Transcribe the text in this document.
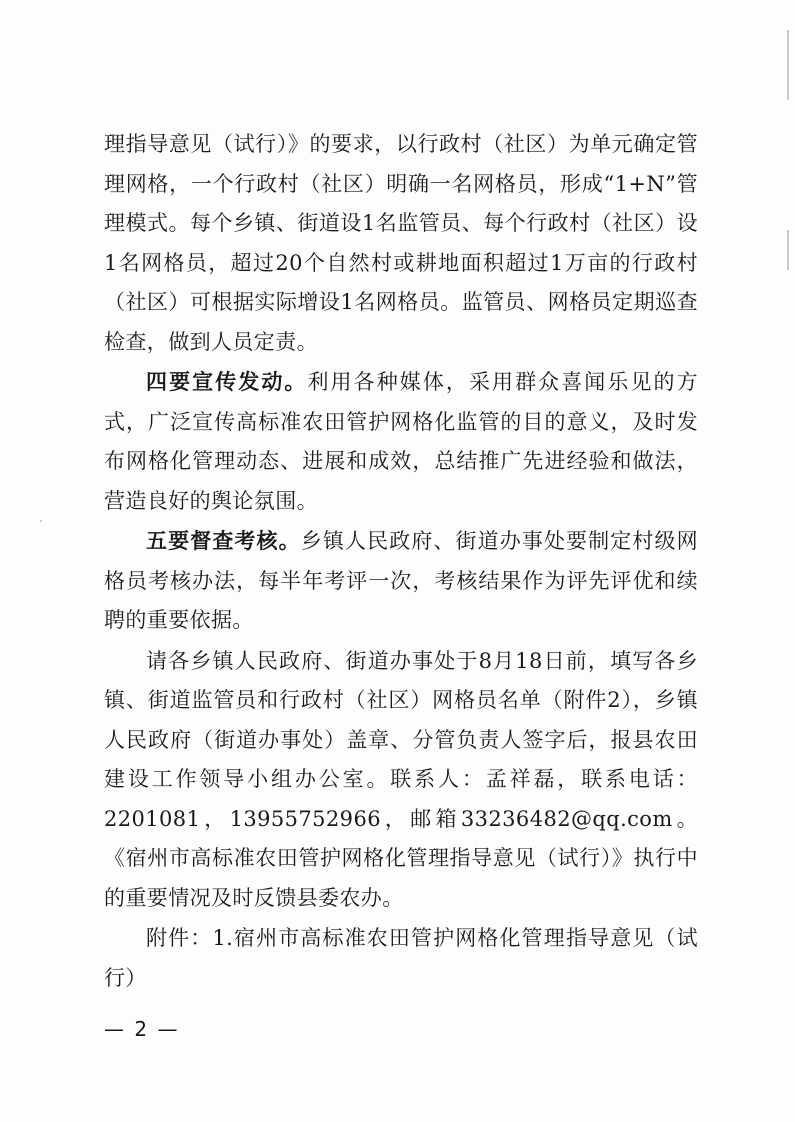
理指导意见（试行）》的要求，以行政村（社区）为单元确定管理网格，一个行政村（社区）明确一名网格员，形成“1+N”管理模式。每个乡镇、街道设1名监管员、每个行政村（社区）设1名网格员，超过20个自然村或耕地面积超过1万亩的行政村（社区）可根据实际增设1名网格员。监管员、网格员定期巡查检查，做到人员定责。

四要宣传发动。利用各种媒体，采用群众喜闻乐见的方式，广泛宣传高标准农田管护网格化监管的目的意义，及时发布网格化管理动态、进展和成效，总结推广先进经验和做法，营造良好的舆论氛围。

五要督查考核。乡镇人民政府、街道办事处要制定村级网格员考核办法，每半年考评一次，考核结果作为评先评优和续聘的重要依据。

请各乡镇人民政府、街道办事处于8月18日前，填写各乡镇、街道监管员和行政村（社区）网格员名单（附件2），乡镇人民政府（街道办事处）盖章、分管负责人签字后，报县农田建设工作领导小组办公室。联系人：孟祥磊，联系电话：2201081，13955752966，邮箱33236482@qq.com。《宿州市高标准农田管护网格化管理指导意见（试行）》执行中的重要情况及时反馈县委农办。

附件：1.宿州市高标准农田管护网格化管理指导意见（试行）

— 2 —
